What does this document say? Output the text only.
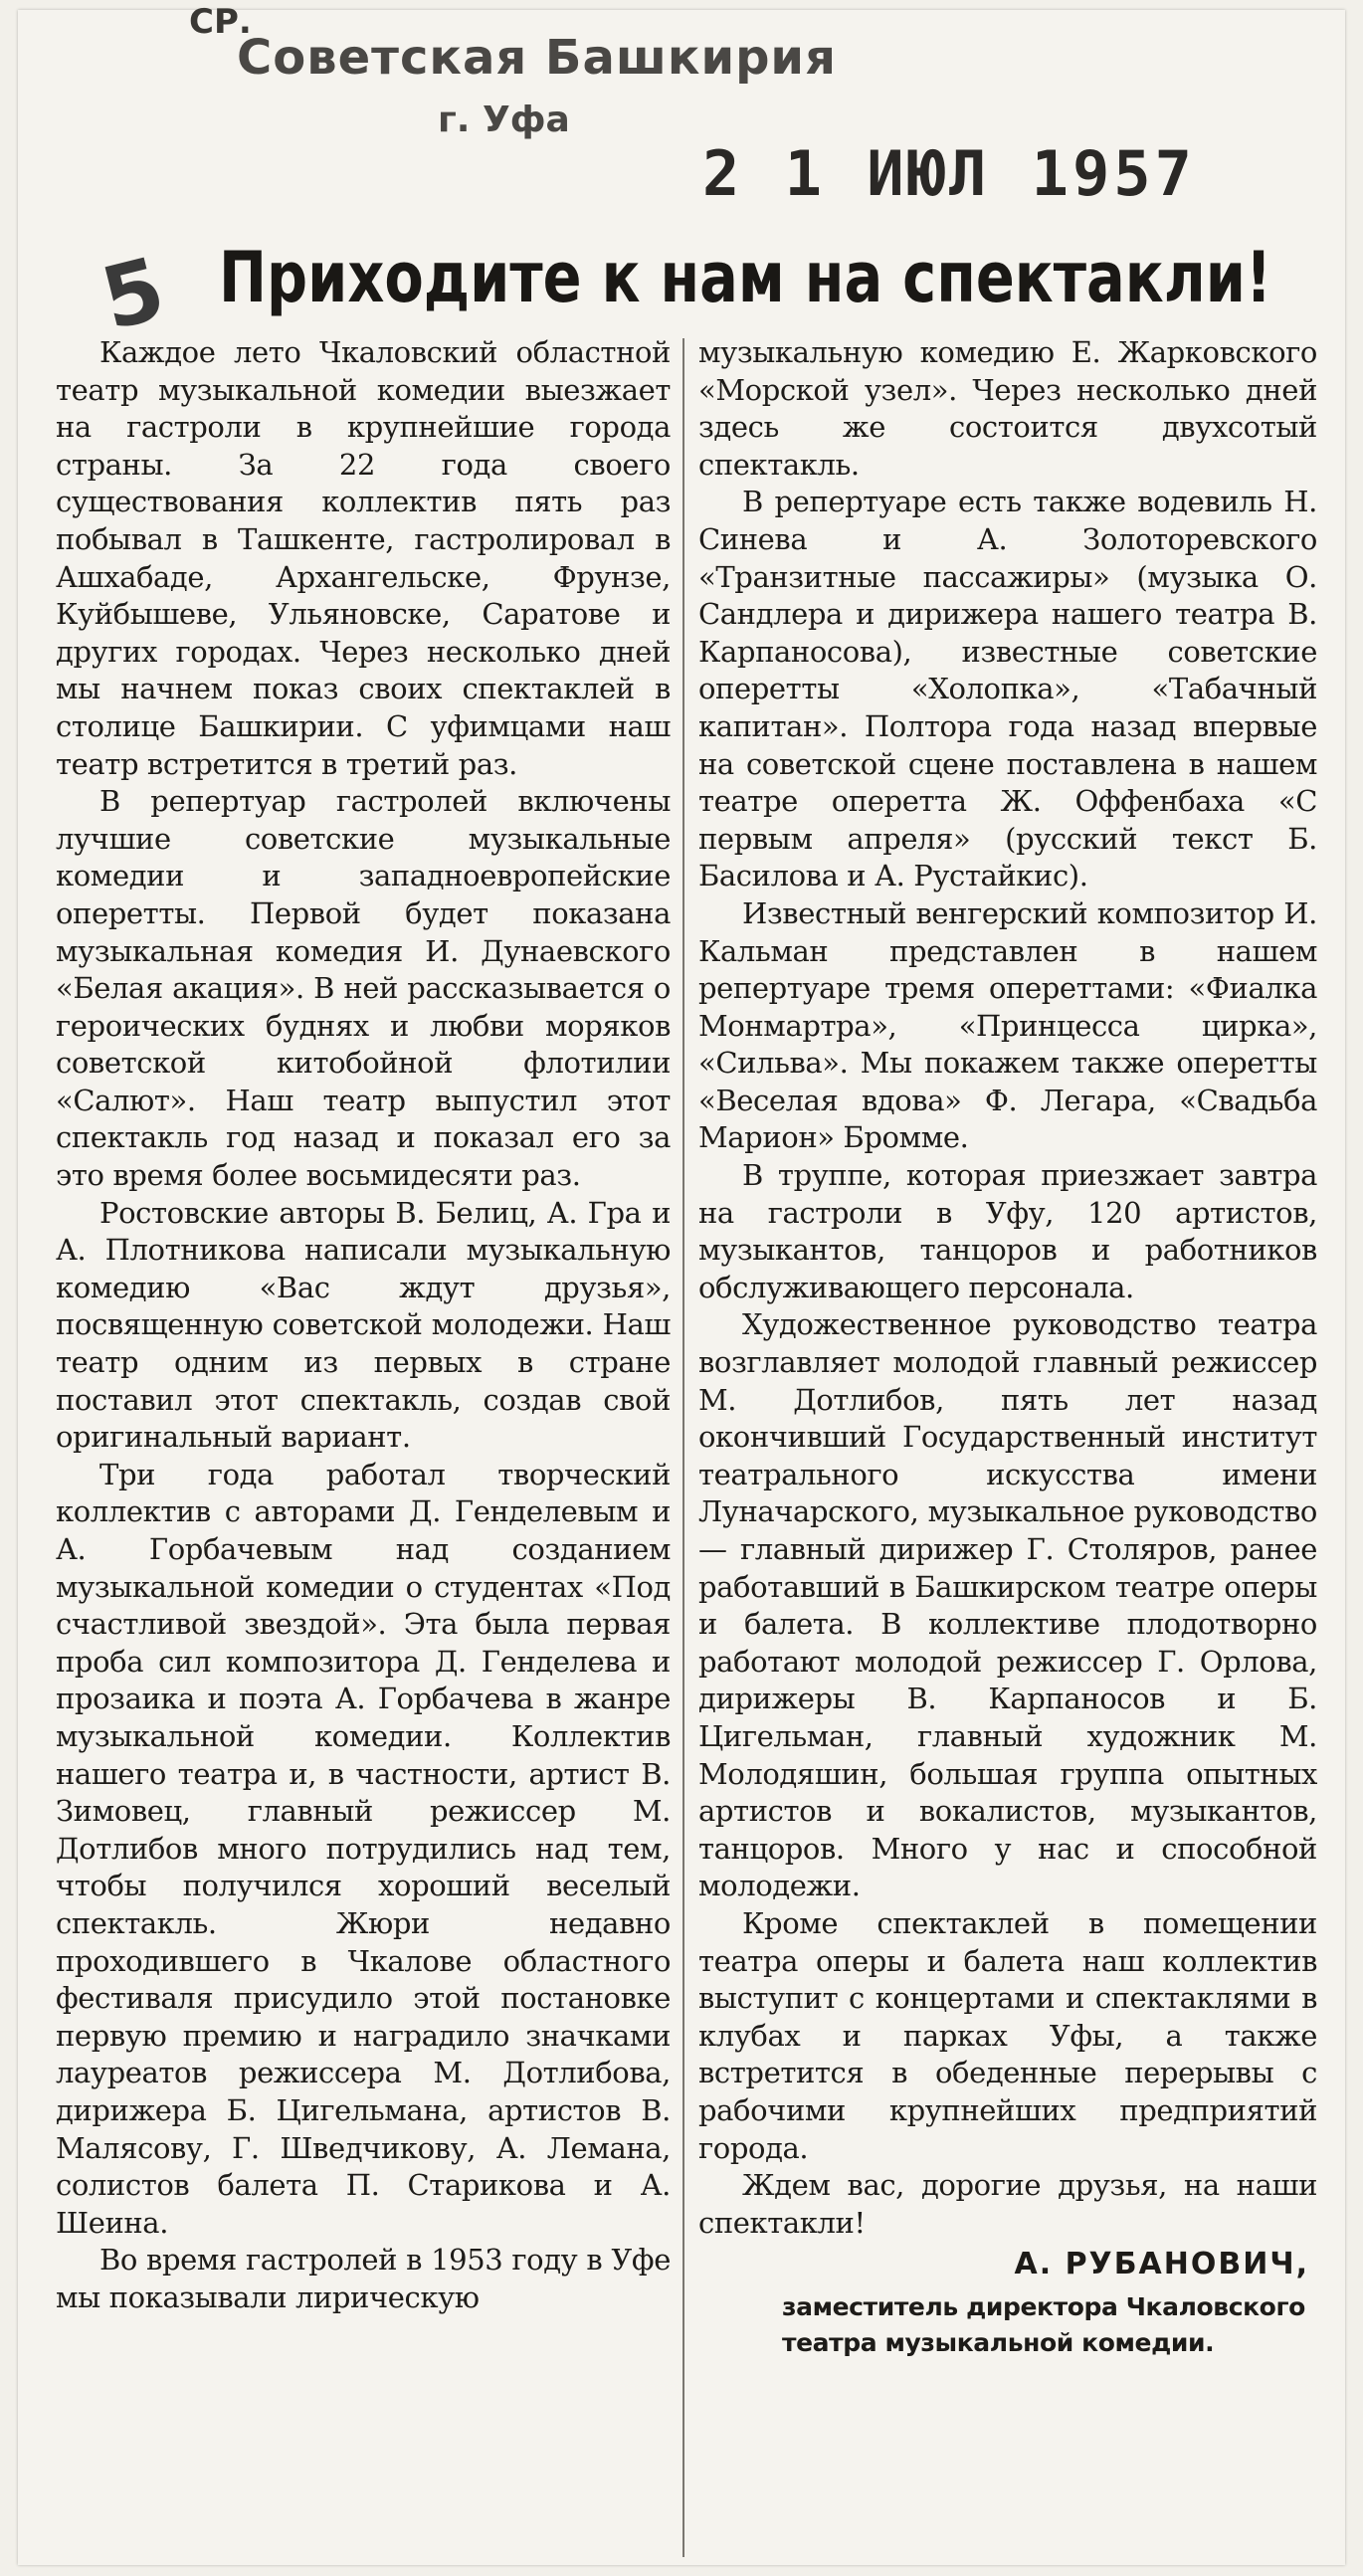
СР.
Советская Башкирия
г. Уфа
2 1 ИЮЛ 1957
5 Приходите к нам на спектакли!

Каждое лето Чкаловский областной театр музыкальной комедии выезжает на гастроли в крупнейшие города страны. За 22 года своего существования коллектив пять раз побывал в Ташкенте, гастролировал в Ашхабаде, Архангельске, Фрунзе, Куйбышеве, Ульяновске, Саратове и других городах. Через несколько дней мы начнем показ своих спектаклей в столице Башкирии. С уфимцами наш театр встретится в третий раз.

В репертуар гастролей включены лучшие советские музыкальные комедии и западноевропейские оперетты. Первой будет показана музыкальная комедия И. Дунаевского «Белая акация». В ней рассказывается о героических буднях и любви моряков советской китобойной флотилии «Салют». Наш театр выпустил этот спектакль год назад и показал его за это время более восьмидесяти раз.

Ростовские авторы В. Белиц, А. Гра и А. Плотникова написали музыкальную комедию «Вас ждут друзья», посвященную советской молодежи. Наш театр одним из первых в стране поставил этот спектакль, создав свой оригинальный вариант.

Три года работал творческий коллектив с авторами Д. Генделевым и А. Горбачевым над созданием музыкальной комедии о студентах «Под счастливой звездой». Эта была первая проба сил композитора Д. Генделева и прозаика и поэта А. Горбачева в жанре музыкальной комедии. Коллектив нашего театра и, в частности, артист В. Зимовец, главный режиссер М. Дотлибов много потрудились над тем, чтобы получился хороший веселый спектакль. Жюри недавно проходившего в Чкалове областного фестиваля присудило этой постановке первую премию и наградило значками лауреатов режиссера М. Дотлибова, дирижера Б. Цигельмана, артистов В. Малясову, Г. Шведчикову, А. Лемана, солистов балета П. Старикова и А. Шеина.

Во время гастролей в 1953 году в Уфе мы показывали лирическую

музыкальную комедию Е. Жарковского «Морской узел». Через несколько дней здесь же состоится двухсотый спектакль.

В репертуаре есть также водевиль Н. Синева и А. Золоторевского «Транзитные пассажиры» (музыка О. Сандлера и дирижера нашего театра В. Карпаносова), известные советские оперетты «Холопка», «Табачный капитан». Полтора года назад впервые на советской сцене поставлена в нашем театре оперетта Ж. Оффенбаха «С первым апреля» (русский текст Б. Басилова и А. Рустайкис).

Известный венгерский композитор И. Кальман представлен в нашем репертуаре тремя опереттами: «Фиалка Монмартра», «Принцесса цирка», «Сильва». Мы покажем также оперетты «Веселая вдова» Ф. Легара, «Свадьба Марион» Бромме.

В труппе, которая приезжает завтра на гастроли в Уфу, 120 артистов, музыкантов, танцоров и работников обслуживающего персонала.

Художественное руководство театра возглавляет молодой главный режиссер М. Дотлибов, пять лет назад окончивший Государственный институт театрального искусства имени Луначарского, музыкальное руководство — главный дирижер Г. Столяров, ранее работавший в Башкирском театре оперы и балета. В коллективе плодотворно работают молодой режиссер Г. Орлова, дирижеры В. Карпаносов и Б. Цигельман, главный художник М. Молодяшин, большая группа опытных артистов и вокалистов, музыкантов, танцоров. Много у нас и способной молодежи.

Кроме спектаклей в помещении театра оперы и балета наш коллектив выступит с концертами и спектаклями в клубах и парках Уфы, а также встретится в обеденные перерывы с рабочими крупнейших предприятий города.

Ждем вас, дорогие друзья, на наши спектакли!

А. РУБАНОВИЧ,
заместитель директора Чкаловского театра музыкальной комедии.
